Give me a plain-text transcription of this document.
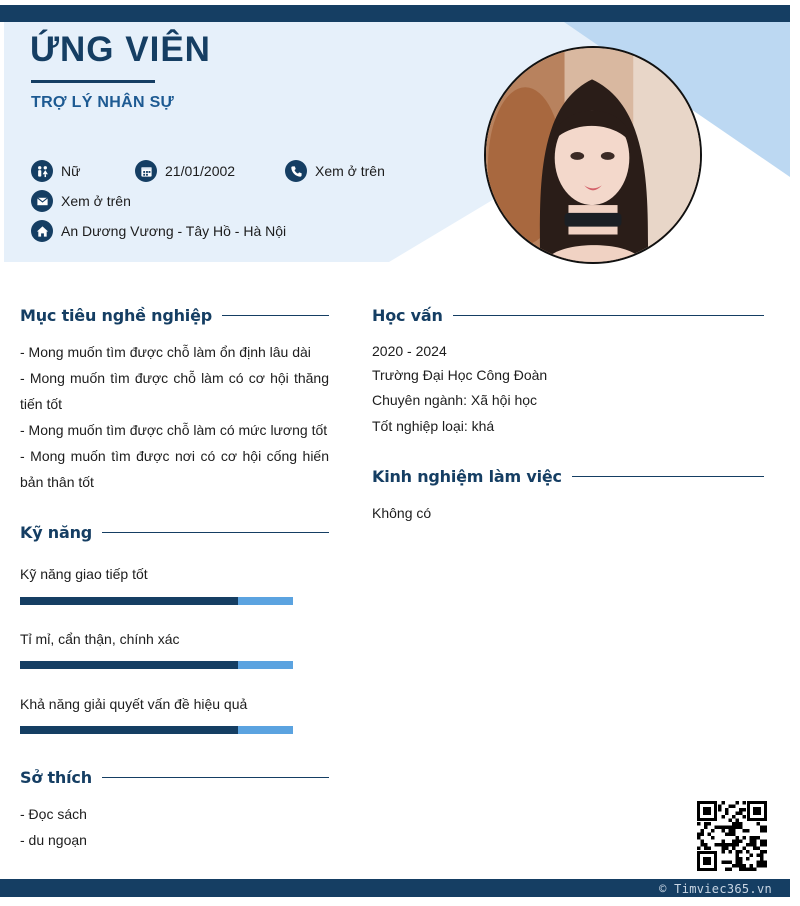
ỨNG VIÊN
TRỢ LÝ NHÂN SỰ
Nữ	21/01/2002	Xem ở trên
Xem ở trên
An Dương Vương - Tây Hồ - Hà Nội
Mục tiêu nghề nghiệp
- Mong muốn tìm được chỗ làm ổn định lâu dài
- Mong muốn tìm được chỗ làm có cơ hội thăng
tiến tốt
- Mong muốn tìm được chỗ làm có mức lương tốt
- Mong muốn tìm được nơi có cơ hội cống hiến
bản thân tốt
Kỹ năng
Kỹ năng giao tiếp tốt
Tỉ mỉ, cẩn thận, chính xác
Khả năng giải quyết vấn đề hiệu quả
Sở thích
- Đọc sách
- du ngoạn
Học vấn
2020 - 2024
Trường Đại Học Công Đoàn
Chuyên ngành: Xã hội học
Tốt nghiệp loại: khá
Kinh nghiệm làm việc
Không có
© Timviec365.vn
